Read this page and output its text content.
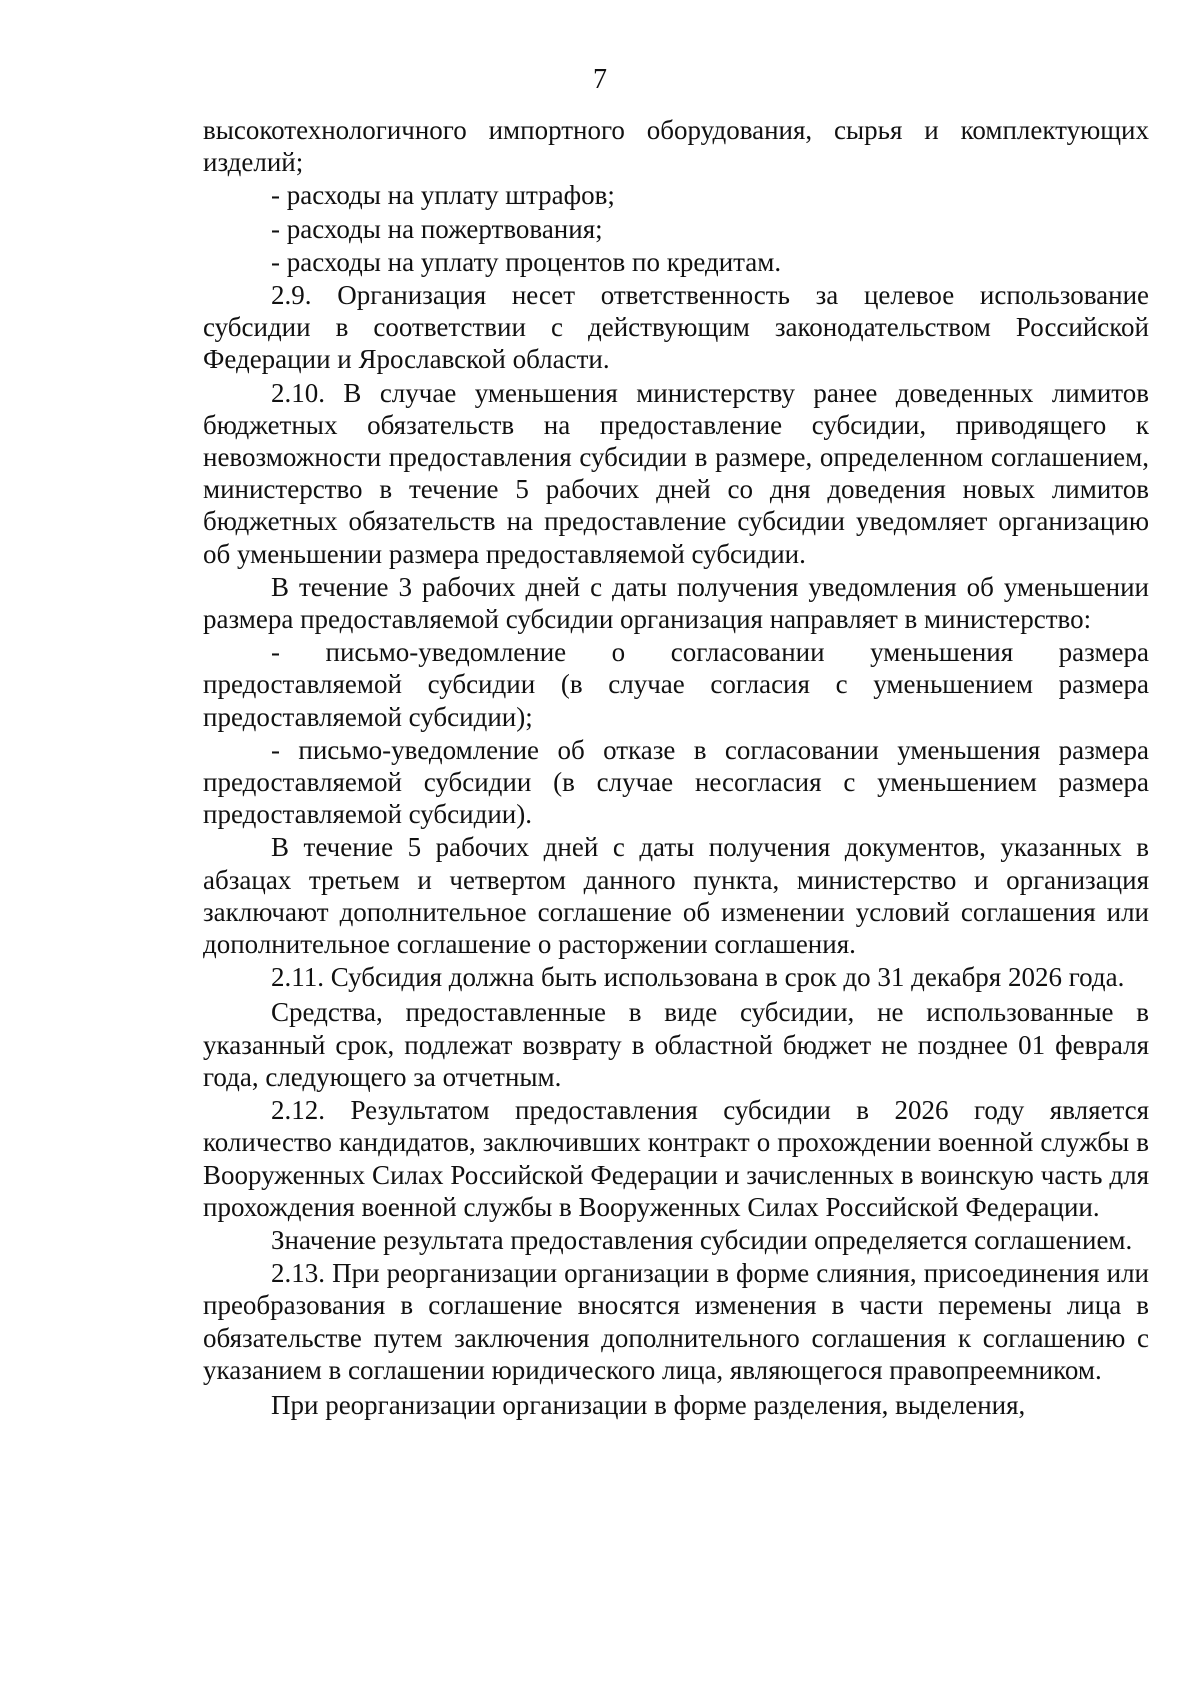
7

высокотехнологичного импортного оборудования, сырья и комплектующих изделий;

- расходы на уплату штрафов;

- расходы на пожертвования;

- расходы на уплату процентов по кредитам.

2.9. Организация несет ответственность за целевое использование субсидии в соответствии с действующим законодательством Российской Федерации и Ярославской области.

2.10. В случае уменьшения министерству ранее доведенных лимитов бюджетных обязательств на предоставление субсидии, приводящего к невозможности предоставления субсидии в размере, определенном соглашением, министерство в течение 5 рабочих дней со дня доведения новых лимитов бюджетных обязательств на предоставление субсидии уведомляет организацию об уменьшении размера предоставляемой субсидии.

В течение 3 рабочих дней с даты получения уведомления об уменьшении размера предоставляемой субсидии организация направляет в министерство:

- письмо-уведомление о согласовании уменьшения размера предоставляемой субсидии (в случае согласия с уменьшением размера предоставляемой субсидии);

- письмо-уведомление об отказе в согласовании уменьшения размера предоставляемой субсидии (в случае несогласия с уменьшением размера предоставляемой субсидии).

В течение 5 рабочих дней с даты получения документов, указанных в абзацах третьем и четвертом данного пункта, министерство и организация заключают дополнительное соглашение об изменении условий соглашения или дополнительное соглашение о расторжении соглашения.

2.11. Субсидия должна быть использована в срок до 31 декабря 2026 года.

Средства, предоставленные в виде субсидии, не использованные в указанный срок, подлежат возврату в областной бюджет не позднее 01 февраля года, следующего за отчетным.

2.12. Результатом предоставления субсидии в 2026 году является количество кандидатов, заключивших контракт о прохождении военной службы в Вооруженных Силах Российской Федерации и зачисленных в воинскую часть для прохождения военной службы в Вооруженных Силах Российской Федерации.

Значение результата предоставления субсидии определяется соглашением.

2.13. При реорганизации организации в форме слияния, присоединения или преобразования в соглашение вносятся изменения в части перемены лица в обязательстве путем заключения дополнительного соглашения к соглашению с указанием в соглашении юридического лица, являющегося правопреемником.

При реорганизации организации в форме разделения, выделения,
